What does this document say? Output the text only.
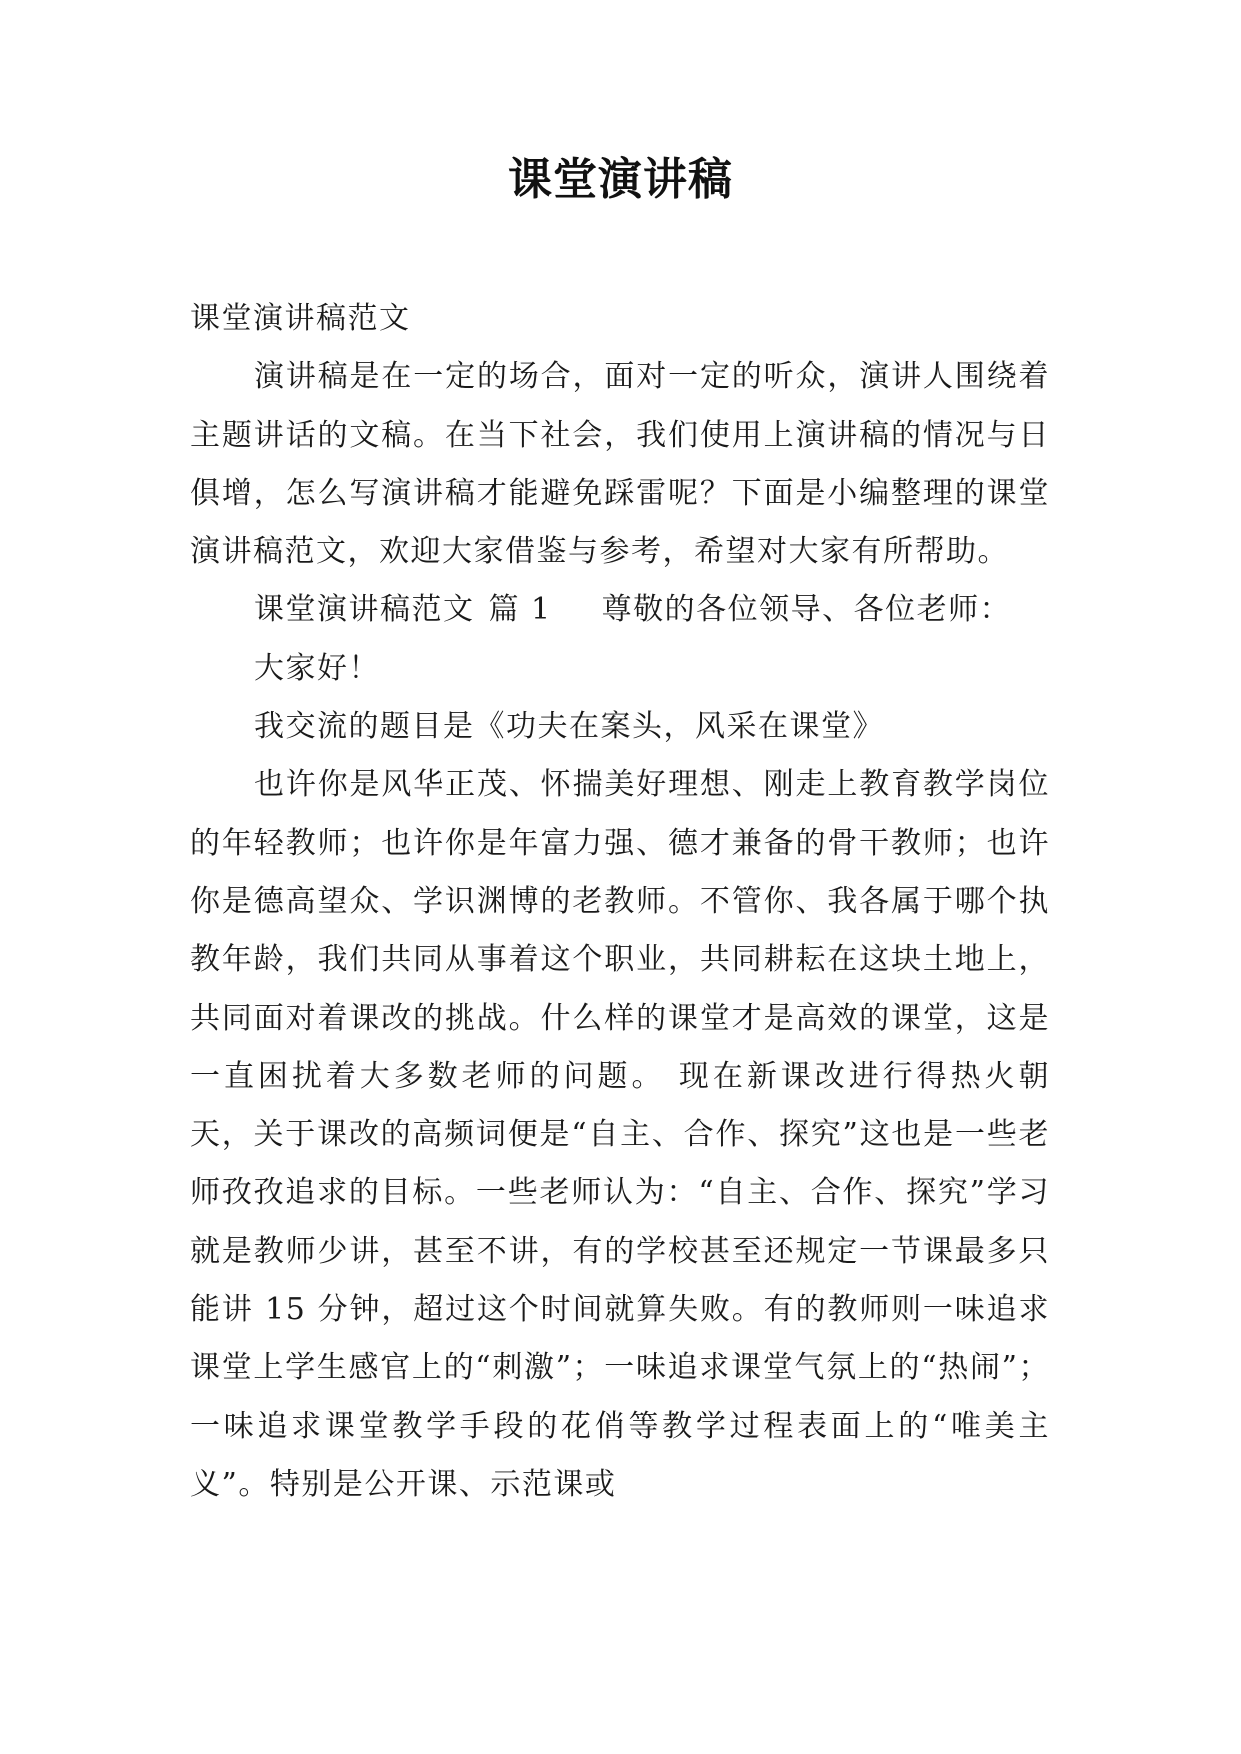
课堂演讲稿

课堂演讲稿范文

演讲稿是在一定的场合，面对一定的听众，演讲人围绕着主题讲话的文稿。在当下社会，我们使用上演讲稿的情况与日俱增，怎么写演讲稿才能避免踩雷呢？下面是小编整理的课堂演讲稿范文，欢迎大家借鉴与参考，希望对大家有所帮助。

课堂演讲稿范文 篇 1 尊敬的各位领导、各位老师：

大家好！

我交流的题目是《功夫在案头，风采在课堂》

也许你是风华正茂、怀揣美好理想、刚走上教育教学岗位的年轻教师；也许你是年富力强、德才兼备的骨干教师；也许你是德高望众、学识渊博的老教师。不管你、我各属于哪个执教年龄，我们共同从事着这个职业，共同耕耘在这块土地上，共同面对着课改的挑战。什么样的课堂才是高效的课堂，这是一直困扰着大多数老师的问题。 现在新课改进行得热火朝天，关于课改的高频词便是“自主、合作、探究”这也是一些老师孜孜追求的目标。一些老师认为：“自主、合作、探究”学习就是教师少讲，甚至不讲，有的学校甚至还规定一节课最多只能讲 15 分钟，超过这个时间就算失败。有的教师则一味追求课堂上学生感官上的“刺激”；一味追求课堂气氛上的“热闹”；一味追求课堂教学手段的花俏等教学过程表面上的“唯美主义”。特别是公开课、示范课或
